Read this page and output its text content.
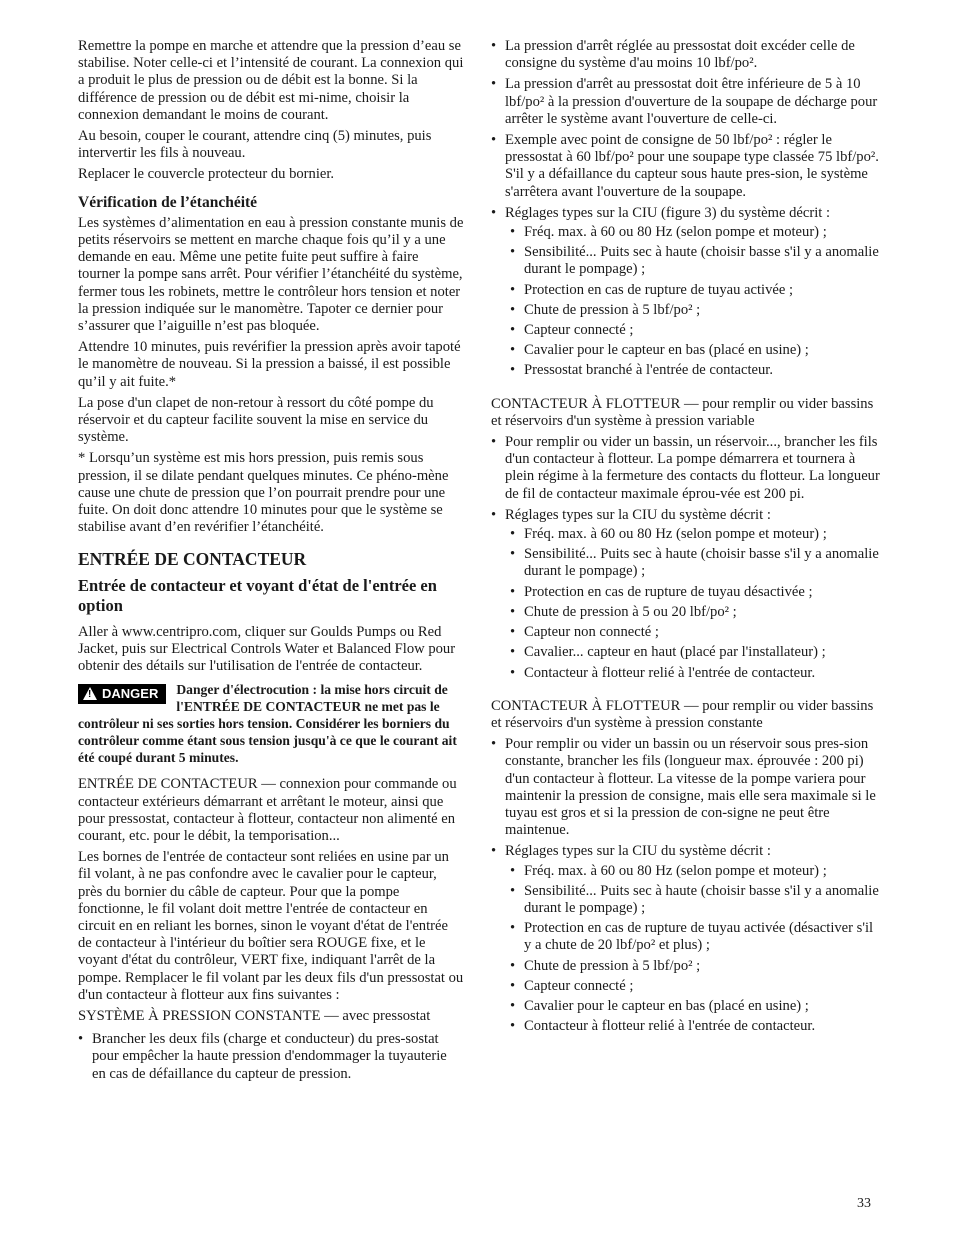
Remettre la pompe en marche et attendre que la pression d’eau se stabilise. Noter celle-ci et l’intensité de courant. La connexion qui a produit le plus de pression ou de débit est la bonne. Si la différence de pression ou de débit est mi-nime, choisir la connexion demandant le moins de courant.

Au besoin, couper le courant, attendre cinq (5) minutes, puis intervertir les fils à nouveau.

Replacer le couvercle protecteur du bornier.

Vérification de l’étanchéité

Les systèmes d’alimentation en eau à pression constante munis de petits réservoirs se mettent en marche chaque fois qu’il y a une demande en eau. Même une petite fuite peut suffire à faire tourner la pompe sans arrêt. Pour vérifier l’étanchéité du système, fermer tous les robinets, mettre le contrôleur hors tension et noter la pression indiquée sur le manomètre. Tapoter ce dernier pour s’assurer que l’aiguille n’est pas bloquée.

Attendre 10 minutes, puis revérifier la pression après avoir tapoté le manomètre de nouveau. Si la pression a baissé, il est possible qu’il y ait fuite.*

La pose d'un clapet de non-retour à ressort du côté pompe du réservoir et du capteur facilite souvent la mise en service du système.

* Lorsqu’un système est mis hors pression, puis remis sous pression, il se dilate pendant quelques minutes. Ce phéno-mène cause une chute de pression que l’on pourrait prendre pour une fuite. On doit donc attendre 10 minutes pour que le système se stabilise avant d’en revérifier l’étanchéité.

ENTRÉE DE CONTACTEUR
Entrée de contacteur et voyant d'état de l'entrée en option

Aller à www.centripro.com, cliquer sur Goulds Pumps ou Red Jacket, puis sur Electrical Controls Water et Balanced Flow pour obtenir des détails sur l'utilisation de l'entrée de contacteur.

! DANGER	Danger d'électrocution : la mise hors circuit de l'ENTRÉE DE CONTACTEUR ne met pas le contrôleur ni ses sorties hors tension. Considérer les borniers du contrôleur comme étant sous tension jusqu'à ce que le courant ait été coupé durant 5 minutes.

ENTRÉE DE CONTACTEUR — connexion pour commande ou contacteur extérieurs démarrant et arrêtant le moteur, ainsi que pour pressostat, contacteur à flotteur, contacteur non alimenté en courant, etc. pour le débit, la temporisation...

Les bornes de l'entrée de contacteur sont reliées en usine par un fil volant, à ne pas confondre avec le cavalier pour le capteur, près du bornier du câble de capteur. Pour que la pompe fonctionne, le fil volant doit mettre l'entrée de contacteur en circuit en en reliant les bornes, sinon le voyant d'état de l'entrée de contacteur à l'intérieur du boîtier sera ROUGE fixe, et le voyant d'état du contrôleur, VERT fixe, indiquant l'arrêt de la pompe. Remplacer le fil volant par les deux fils d'un pressostat ou d'un contacteur à flotteur aux fins suivantes :

SYSTÈME À PRESSION CONSTANTE — avec pressostat

• Brancher les deux fils (charge et conducteur) du pres-sostat pour empêcher la haute pression d'endommager la tuyauterie en cas de défaillance du capteur de pression.
• La pression d'arrêt réglée au pressostat doit excéder celle de consigne du système d'au moins 10 lbf/po².
• La pression d'arrêt au pressostat doit être inférieure de 5 à 10 lbf/po² à la pression d'ouverture de la soupape de décharge pour arrêter le système avant l'ouverture de celle-ci.
• Exemple avec point de consigne de 50 lbf/po² : régler le pressostat à 60 lbf/po² pour une soupape type classée 75 lbf/po². S'il y a défaillance du capteur sous haute pres-sion, le système s'arrêtera avant l'ouverture de la soupape.
• Réglages types sur la CIU (figure 3) du système décrit :
• Fréq. max. à 60 ou 80 Hz (selon pompe et moteur) ;
• Sensibilité... Puits sec à haute (choisir basse s'il y a anomalie durant le pompage) ;
• Protection en cas de rupture de tuyau activée ;
• Chute de pression à 5 lbf/po² ;
• Capteur connecté ;
• Cavalier pour le capteur en bas (placé en usine) ;
• Pressostat branché à l'entrée de contacteur.

CONTACTEUR À FLOTTEUR — pour remplir ou vider bassins et réservoirs d'un système à pression variable

• Pour remplir ou vider un bassin, un réservoir..., brancher les fils d'un contacteur à flotteur. La pompe démarrera et tournera à plein régime à la fermeture des contacts du flotteur. La longueur de fil de contacteur maximale éprou-vée est 200 pi.
• Réglages types sur la CIU du système décrit :
• Fréq. max. à 60 ou 80 Hz (selon pompe et moteur) ;
• Sensibilité... Puits sec à haute (choisir basse s'il y a anomalie durant le pompage) ;
• Protection en cas de rupture de tuyau désactivée ;
• Chute de pression à 5 ou 20 lbf/po² ;
• Capteur non connecté ;
• Cavalier... capteur en haut (placé par l'installateur) ;
• Contacteur à flotteur relié à l'entrée de contacteur.

CONTACTEUR À FLOTTEUR — pour remplir ou vider bassins et réservoirs d'un système à pression constante

• Pour remplir ou vider un bassin ou un réservoir sous pres-sion constante, brancher les fils (longueur max. éprouvée : 200 pi) d'un contacteur à flotteur. La vitesse de la pompe variera pour maintenir la pression de consigne, mais elle sera maximale si le tuyau est gros et si la pression de con-signe ne peut être maintenue.
• Réglages types sur la CIU du système décrit :
• Fréq. max. à 60 ou 80 Hz (selon pompe et moteur) ;
• Sensibilité... Puits sec à haute (choisir basse s'il y a anomalie durant le pompage) ;
• Protection en cas de rupture de tuyau activée (désactiver s'il y a chute de 20 lbf/po² et plus) ;
• Chute de pression à 5 lbf/po² ;
• Capteur connecté ;
• Cavalier pour le capteur en bas (placé en usine) ;
• Contacteur à flotteur relié à l'entrée de contacteur.
33
